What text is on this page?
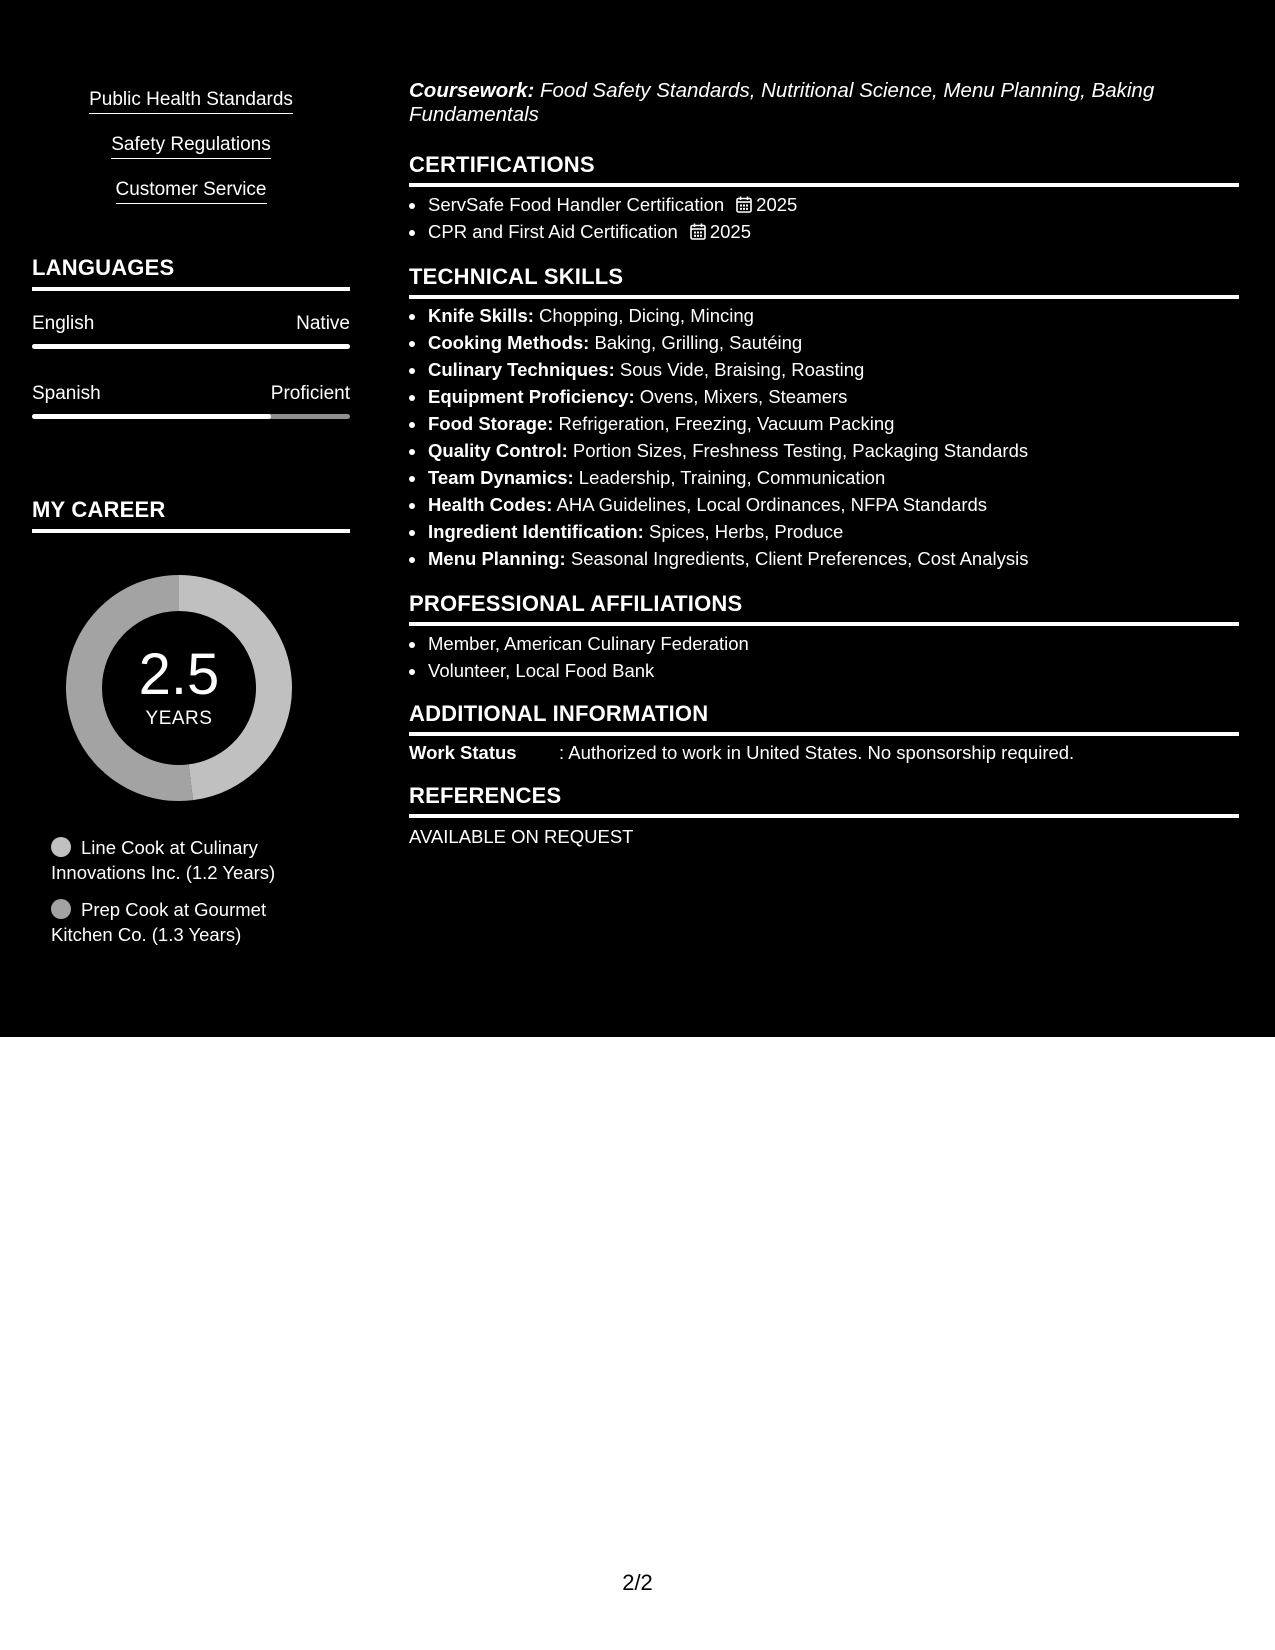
Public Health Standards
Safety Regulations
Customer Service
LANGUAGES
English	Native
Spanish	Proficient
MY CAREER
2.5
YEARS
Line Cook at Culinary Innovations Inc. (1.2 Years)
Prep Cook at Gourmet Kitchen Co. (1.3 Years)
Coursework: Food Safety Standards, Nutritional Science, Menu Planning, Baking Fundamentals
CERTIFICATIONS
• ServSafe Food Handler Certification 2025
• CPR and First Aid Certification 2025
TECHNICAL SKILLS
• Knife Skills: Chopping, Dicing, Mincing
• Cooking Methods: Baking, Grilling, Sautéing
• Culinary Techniques: Sous Vide, Braising, Roasting
• Equipment Proficiency: Ovens, Mixers, Steamers
• Food Storage: Refrigeration, Freezing, Vacuum Packing
• Quality Control: Portion Sizes, Freshness Testing, Packaging Standards
• Team Dynamics: Leadership, Training, Communication
• Health Codes: AHA Guidelines, Local Ordinances, NFPA Standards
• Ingredient Identification: Spices, Herbs, Produce
• Menu Planning: Seasonal Ingredients, Client Preferences, Cost Analysis
PROFESSIONAL AFFILIATIONS
• Member, American Culinary Federation
• Volunteer, Local Food Bank
ADDITIONAL INFORMATION
Work Status : Authorized to work in United States. No sponsorship required.
REFERENCES
AVAILABLE ON REQUEST
2/2
